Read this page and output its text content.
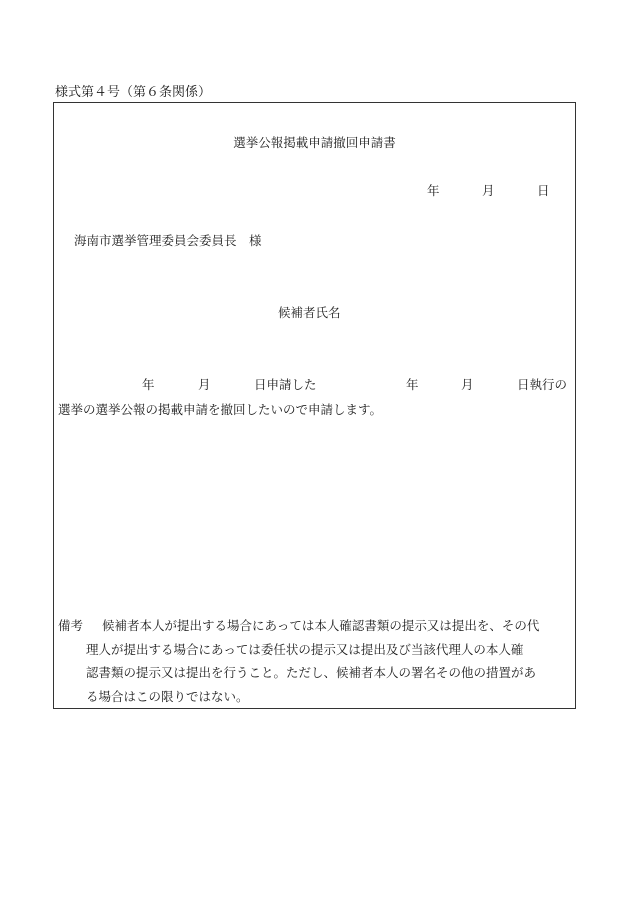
様式第４号（第６条関係）
選挙公報掲載申請撤回申請書
年	月	日
海南市選挙管理委員会委員長　様
候補者氏名
年	月	日申請した	年	月	日執行の
選挙の選挙公報の掲載申請を撤回したいので申請します。
備考 候補者本人が提出する場合にあっては本人確認書類の提示又は提出を、その代
理人が提出する場合にあっては委任状の提示又は提出及び当該代理人の本人確
認書類の提示又は提出を行うこと。ただし、候補者本人の署名その他の措置があ
る場合はこの限りではない。
